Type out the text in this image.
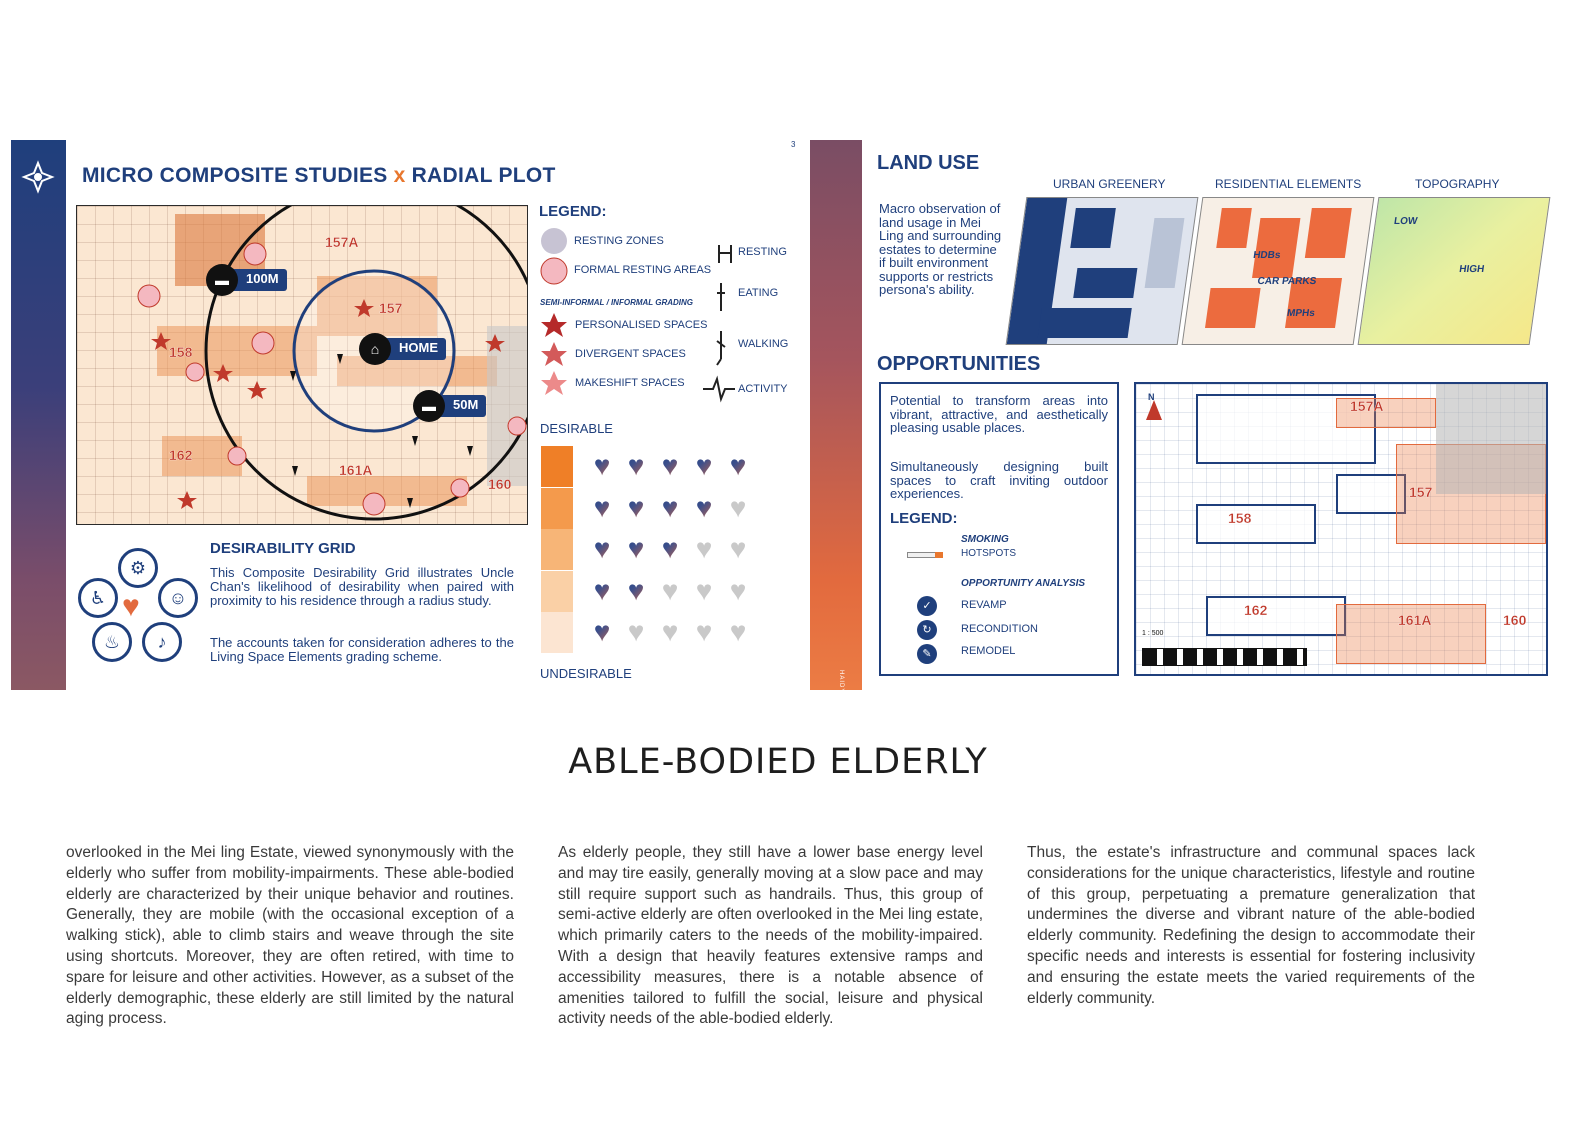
MICRO COMPOSITE STUDIES x RADIAL PLOT
3
157A
157
158
162
161A
160
100M
▬
HOME
⌂
50M
▬
LEGEND:
RESTING ZONES
FORMAL RESTING AREAS
SEMI-INFORMAL / INFORMAL GRADING
PERSONALISED SPACES
DIVERGENT SPACES
MAKESHIFT SPACES
RESTING
EATING
WALKING
ACTIVITY
DESIRABLE
UNDESIRABLE
♥ ♥ ♥ ♥ ♥
♥ ♥ ♥ ♥ ♥
♥ ♥ ♥ ♥ ♥
♥ ♥ ♥ ♥ ♥
♥ ♥ ♥ ♥ ♥
⚙
♿	☺
♨	♪
♥
DESIRABILITY GRID
This Composite Desirability Grid illustrates Uncle Chan's likelihood of desirability when paired with proximity to his residence through a radius study.
The accounts taken for consideration adheres to the Living Space Elements grading scheme.
HAIDY CLARA
LAND USE
Macro observation of land usage in Mei Ling and surrounding estates to determine if built environment supports or restricts persona's ability.
URBAN GREENERY	RESIDENTIAL ELEMENTS	TOPOGRAPHY
HDBs
CAR PARKS
MPHs
LOW
HIGH
OPPORTUNITIES
Potential to transform areas into vibrant, attractive, and aesthetically pleasing usable places.
Simultaneously designing built spaces to craft inviting outdoor experiences.
LEGEND:
SMOKING
HOTSPOTS
OPPORTUNITY ANALYSIS
✓	REVAMP
↻	RECONDITION
✎	REMODEL
N
157A
157
158
162
161A	160
1 : 500
ABLE-BODIED ELDERLY
overlooked in the Mei ling Estate, viewed synonymously with the elderly who suffer from mobility-impairments. These able-bodied elderly are characterized by their unique behavior and routines. Generally, they are mobile (with the occasional exception of a walking stick), able to climb stairs and weave through the site using shortcuts. Moreover, they are often retired, with time to spare for leisure and other activities. However, as a subset of the elderly demographic, these elderly are still limited by the natural aging process.
As elderly people, they still have a lower base energy level and may tire easily, generally moving at a slow pace and may still require support such as handrails. Thus, this group of semi-active elderly are often overlooked in the Mei ling estate, which primarily caters to the needs of the mobility-impaired. With a design that heavily features extensive ramps and accessibility measures, there is a notable absence of amenities tailored to fulfill the social, leisure and physical activity needs of the able-bodied elderly.
Thus, the estate's infrastructure and communal spaces lack considerations for the unique characteristics, lifestyle and routine of this group, perpetuating a premature generalization that undermines the diverse and vibrant nature of the able-bodied elderly community. Redefining the design to accommodate their specific needs and interests is essential for fostering inclusivity and ensuring the estate meets the varied requirements of the elderly community.
